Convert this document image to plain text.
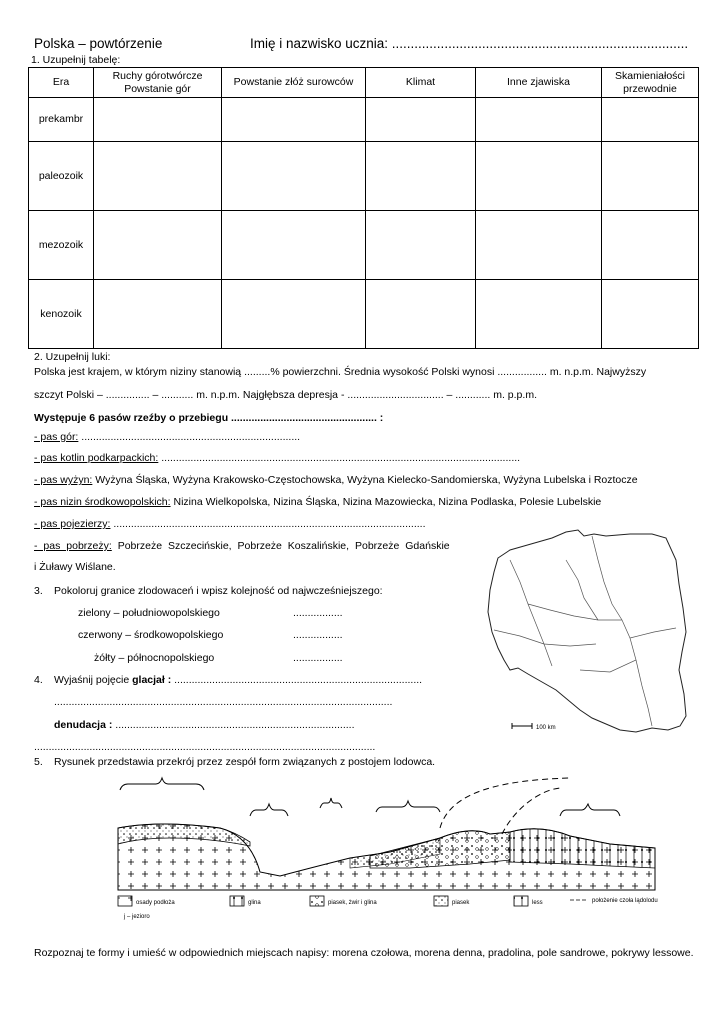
Polska – powtórzenie	Imię i nazwisko ucznia: ...............................................................................
1. Uzupełnij tabelę:
Era	Ruchy górotwórcze Powstanie gór	Powstanie złóż surowców	Klimat	Inne zjawiska	Skamieniałości przewodnie
prekambr					
paleozoik					
mezozoik					
kenozoik					
2. Uzupełnij luki:
Polska jest krajem, w którym niziny stanowią .........% powierzchni. Średnia wysokość Polski wynosi ................. m. n.p.m. Najwyższy
szczyt Polski – ............... – ........... m. n.p.m. Najgłębsza depresja - ................................. – ............ m. p.p.m.
Występuje 6 pasów rzeźby o przebiegu .................................................. :
- pas gór: ...........................................................................
- pas kotlin podkarpackich: ...........................................................................................................................
- pas wyżyn: Wyżyna Śląska, Wyżyna Krakowsko-Częstochowska, Wyżyna Kielecko-Sandomierska, Wyżyna Lubelska i Roztocze
- pas nizin środkowopolskich: Nizina Wielkopolska, Nizina Śląska, Nizina Mazowiecka, Nizina Podlaska, Polesie Lubelskie
- pas pojezierzy: ...........................................................................................................
- pas pobrzeży: Pobrzeże Szczecińskie, Pobrzeże Koszalińskie, Pobrzeże Gdańskie
i Żuławy Wiślane.
100 km
3. Pokoloruj granice zlodowaceń i wpisz kolejność od najwcześniejszego:
zielony – południowopolskiego	.................
czerwony – środkowopolskiego	.................
żółty – północnopolskiego	.................
4. Wyjaśnij pojęcie glacjał : .....................................................................................
....................................................................................................................
denudacja : ..................................................................................
.....................................................................................................................
5. Rysunek przedstawia przekrój przez zespół form związanych z postojem lodowca.
osady podłoża	glina	piasek, żwir i glina	piasek	less
j – jezioro
położenie czoła lądolodu
Rozpoznaj te formy i umieść w odpowiednich miejscach napisy: morena czołowa, morena denna, pradolina, pole sandrowe, pokrywy lessowe.
